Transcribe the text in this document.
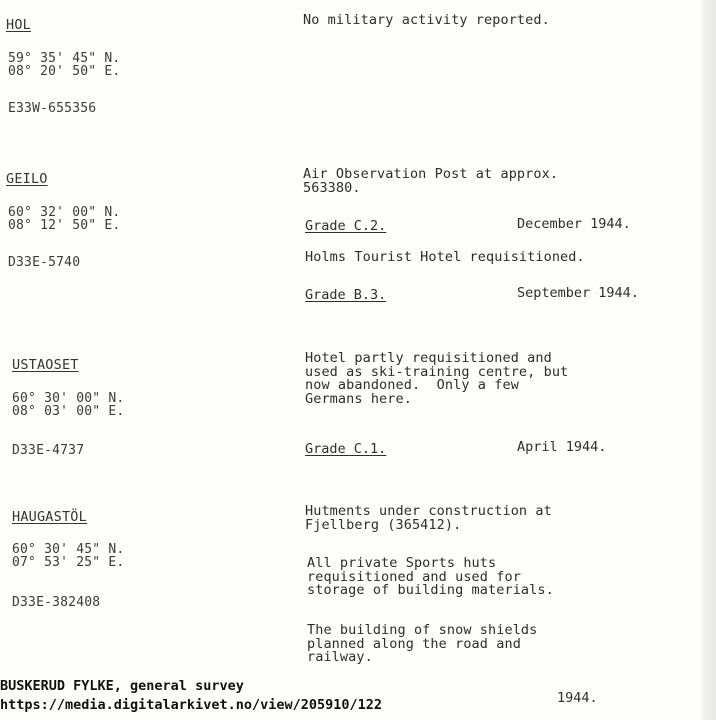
HOL
59° 35' 45" N.
08° 20' 50" E.
E33W-655356
No military activity reported.
GEILO
60° 32' 00" N.
08° 12' 50" E.
D33E-5740
Air Observation Post at approx.
563380.
Grade C.2.	December 1944.
Holms Tourist Hotel requisitioned.
Grade B.3.	September 1944.
USTAOSET
60° 30' 00" N.
08° 03' 00" E.
D33E-4737
Hotel partly requisitioned and
used as ski-training centre, but
now abandoned.  Only a few
Germans here.
Grade C.1.	April 1944.
HAUGASTÖL
60° 30' 45" N.
07° 53' 25" E.
D33E-382408
Hutments under construction at
Fjellberg (365412).
All private Sports huts
requisitioned and used for
storage of building materials.
The building of snow shields
planned along the road and
railway.
1944.
BUSKERUD FYLKE, general survey
https://media.digitalarkivet.no/view/205910/122
